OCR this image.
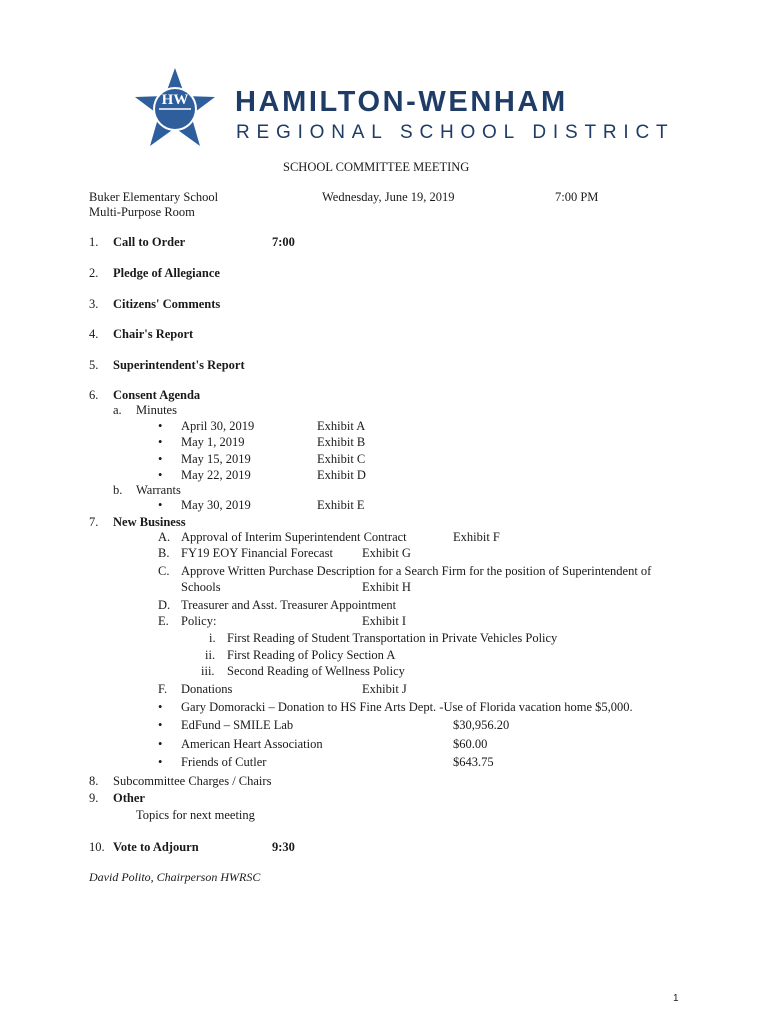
HW HAMILTON-WENHAM
REGIONAL SCHOOL DISTRICT
SCHOOL COMMITTEE MEETING
Buker Elementary School
Multi-Purpose Room
Wednesday, June 19, 2019	7:00 PM
1. Call to Order	7:00
2. Pledge of Allegiance
3. Citizens' Comments
4. Chair's Report
5. Superintendent's Report
6. Consent Agenda
a. Minutes
• April 30, 2019	Exhibit A
• May 1, 2019	Exhibit B
• May 15, 2019	Exhibit C
• May 22, 2019	Exhibit D
b. Warrants
• May 30, 2019	Exhibit E
7. New Business
A. Approval of Interim Superintendent Contract	Exhibit F
B. FY19 EOY Financial Forecast Exhibit G
C. Approve Written Purchase Description for a Search Firm for the position of Superintendent of
Schools	Exhibit H
D. Treasurer and Asst. Treasurer Appointment
E. Policy:	Exhibit I
i. First Reading of Student Transportation in Private Vehicles Policy
ii. First Reading of Policy Section A
iii. Second Reading of Wellness Policy
F. Donations	Exhibit J
• Gary Domoracki – Donation to HS Fine Arts Dept. -Use of Florida vacation home $5,000.
• EdFund – SMILE Lab	$30,956.20
• American Heart Association	$60.00
• Friends of Cutler	$643.75
8. Subcommittee Charges / Chairs
9. Other
Topics for next meeting
10. Vote to Adjourn	9:30
David Polito, Chairperson HWRSC
1
